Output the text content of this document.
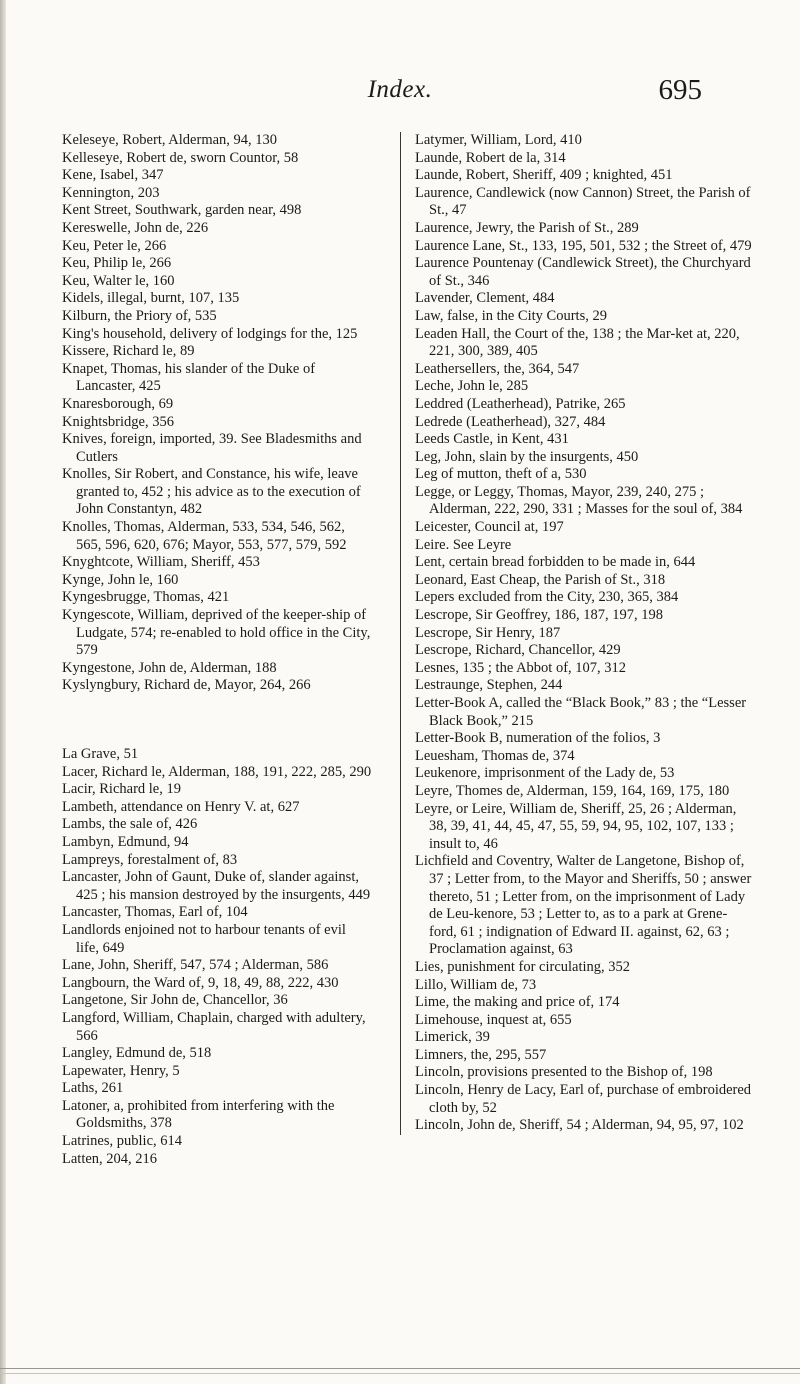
Index.	695

Keleseye, Robert, Alderman, 94, 130

Kelleseye, Robert de, sworn Countor, 58

Kene, Isabel, 347

Kennington, 203

Kent Street, Southwark, garden near, 498

Kereswelle, John de, 226

Keu, Peter le, 266

Keu, Philip le, 266

Keu, Walter le, 160

Kidels, illegal, burnt, 107, 135

Kilburn, the Priory of, 535

King's household, delivery of lodgings for the, 125

Kissere, Richard le, 89

Knapet, Thomas, his slander of the Duke of Lancaster, 425

Knaresborough, 69

Knightsbridge, 356

Knives, foreign, imported, 39. See Bladesmiths and Cutlers

Knolles, Sir Robert, and Constance, his wife, leave granted to, 452 ; his advice as to the execution of John Constantyn, 482

Knolles, Thomas, Alderman, 533, 534, 546, 562, 565, 596, 620, 676; Mayor, 553, 577, 579, 592

Knyghtcote, William, Sheriff, 453

Kynge, John le, 160

Kyngesbrugge, Thomas, 421

Kyngescote, William, deprived of the keeper-ship of Ludgate, 574; re-enabled to hold office in the City, 579

Kyngestone, John de, Alderman, 188

Kyslyngbury, Richard de, Mayor, 264, 266

La Grave, 51

Lacer, Richard le, Alderman, 188, 191, 222, 285, 290

Lacir, Richard le, 19

Lambeth, attendance on Henry V. at, 627

Lambs, the sale of, 426

Lambyn, Edmund, 94

Lampreys, forestalment of, 83

Lancaster, John of Gaunt, Duke of, slander against, 425 ; his mansion destroyed by the insurgents, 449

Lancaster, Thomas, Earl of, 104

Landlords enjoined not to harbour tenants of evil life, 649

Lane, John, Sheriff, 547, 574 ; Alderman, 586

Langbourn, the Ward of, 9, 18, 49, 88, 222, 430

Langetone, Sir John de, Chancellor, 36

Langford, William, Chaplain, charged with adultery, 566

Langley, Edmund de, 518

Lapewater, Henry, 5

Laths, 261

Latoner, a, prohibited from interfering with the Goldsmiths, 378

Latrines, public, 614

Latten, 204, 216

Latymer, William, Lord, 410

Launde, Robert de la, 314

Launde, Robert, Sheriff, 409 ; knighted, 451

Laurence, Candlewick (now Cannon) Street, the Parish of St., 47

Laurence, Jewry, the Parish of St., 289

Laurence Lane, St., 133, 195, 501, 532 ; the Street of, 479

Laurence Pountenay (Candlewick Street), the Churchyard of St., 346

Lavender, Clement, 484

Law, false, in the City Courts, 29

Leaden Hall, the Court of the, 138 ; the Mar-ket at, 220, 221, 300, 389, 405

Leathersellers, the, 364, 547

Leche, John le, 285

Leddred (Leatherhead), Patrike, 265

Ledrede (Leatherhead), 327, 484

Leeds Castle, in Kent, 431

Leg, John, slain by the insurgents, 450

Leg of mutton, theft of a, 530

Legge, or Leggy, Thomas, Mayor, 239, 240, 275 ; Alderman, 222, 290, 331 ; Masses for the soul of, 384

Leicester, Council at, 197

Leire. See Leyre

Lent, certain bread forbidden to be made in, 644

Leonard, East Cheap, the Parish of St., 318

Lepers excluded from the City, 230, 365, 384

Lescrope, Sir Geoffrey, 186, 187, 197, 198

Lescrope, Sir Henry, 187

Lescrope, Richard, Chancellor, 429

Lesnes, 135 ; the Abbot of, 107, 312

Lestraunge, Stephen, 244

Letter-Book A, called the “Black Book,” 83 ; the “Lesser Black Book,” 215

Letter-Book B, numeration of the folios, 3

Leuesham, Thomas de, 374

Leukenore, imprisonment of the Lady de, 53

Leyre, Thomes de, Alderman, 159, 164, 169, 175, 180

Leyre, or Leire, William de, Sheriff, 25, 26 ; Alderman, 38, 39, 41, 44, 45, 47, 55, 59, 94, 95, 102, 107, 133 ; insult to, 46

Lichfield and Coventry, Walter de Langetone, Bishop of, 37 ; Letter from, to the Mayor and Sheriffs, 50 ; answer thereto, 51 ; Letter from, on the imprisonment of Lady de Leu-kenore, 53 ; Letter to, as to a park at Grene-ford, 61 ; indignation of Edward II. against, 62, 63 ; Proclamation against, 63

Lies, punishment for circulating, 352

Lillo, William de, 73

Lime, the making and price of, 174

Limehouse, inquest at, 655

Limerick, 39

Limners, the, 295, 557

Lincoln, provisions presented to the Bishop of, 198

Lincoln, Henry de Lacy, Earl of, purchase of embroidered cloth by, 52

Lincoln, John de, Sheriff, 54 ; Alderman, 94, 95, 97, 102
